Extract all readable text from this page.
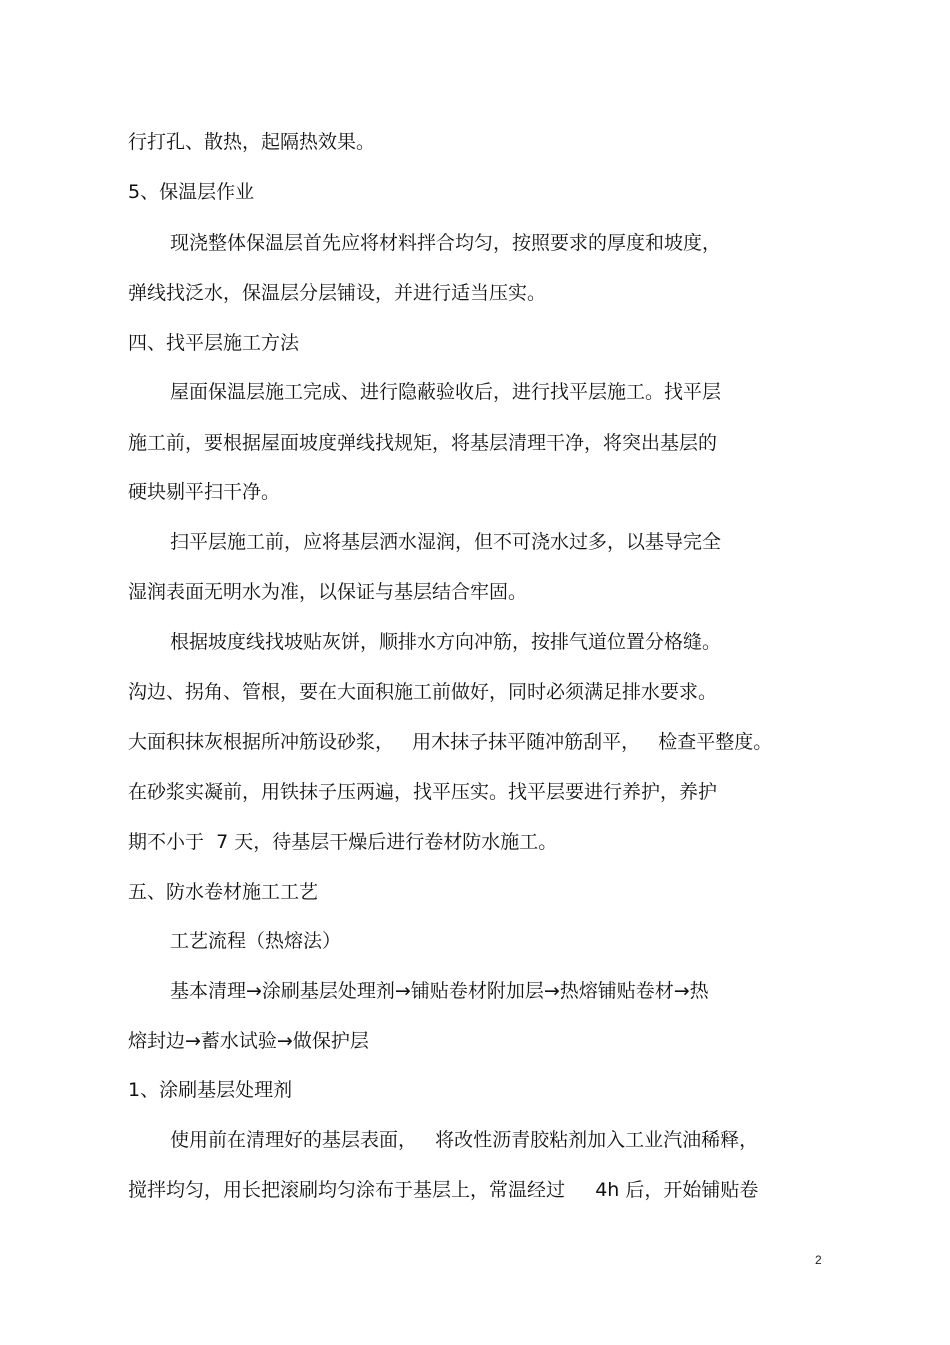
行打孔、散热，起隔热效果。
5、保温层作业
现浇整体保温层首先应将材料拌合均匀，按照要求的厚度和坡度，
弹线找泛水，保温层分层铺设，并进行适当压实。
四、找平层施工方法
屋面保温层施工完成、进行隐蔽验收后，进行找平层施工。找平层
施工前，要根据屋面坡度弹线找规矩，将基层清理干净，将突出基层的
硬块剔平扫干净。
扫平层施工前，应将基层洒水湿润，但不可浇水过多，以基导完全
湿润表面无明水为准，以保证与基层结合牢固。
根据坡度线找坡贴灰饼，顺排水方向冲筋，按排气道位置分格缝。
沟边、拐角、管根，要在大面积施工前做好，同时必须满足排水要求。
大面积抹灰根据所冲筋设砂浆，   用木抹子抹平随冲筋刮平，   检查平整度。
在砂浆实凝前，用铁抹子压两遍，找平压实。找平层要进行养护，养护
期不小于  7 天，待基层干燥后进行卷材防水施工。
五、防水卷材施工工艺
工艺流程（热熔法）
基本清理→涂刷基层处理剂→铺贴卷材附加层→热熔铺贴卷材→热
熔封边→蓄水试验→做保护层
1、涂刷基层处理剂
使用前在清理好的基层表面，   将改性沥青胶粘剂加入工业汽油稀释，
搅拌均匀，用长把滚刷均匀涂布于基层上，常温经过     4h 后，开始铺贴卷
2
